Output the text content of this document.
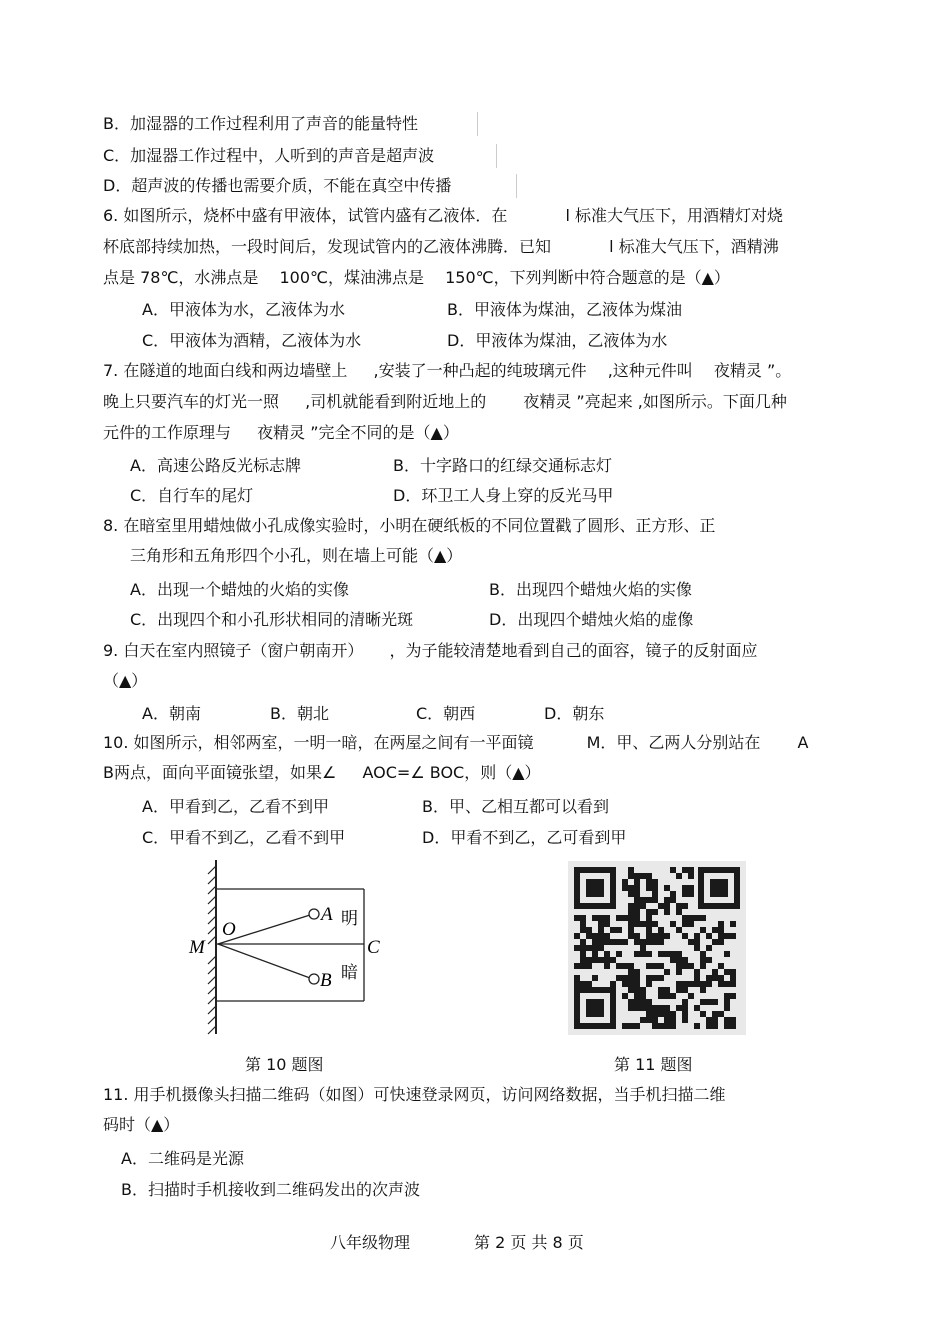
B．加湿器的工作过程利用了声音的能量特性
C．加湿器工作过程中，人听到的声音是超声波
D．超声波的传播也需要介质，不能在真空中传播
6. 如图所示，烧杯中盛有甲液体，试管内盛有乙液体．在 　　　 l 标准大气压下，用酒精灯对烧
杯底部持续加热，一段时间后，发现试管内的乙液体沸腾．已知 　　　 l 标准大气压下，酒精沸
点是 78℃，水沸点是 　100℃，煤油沸点是 　150℃，下列判断中符合题意的是（▲）
A．甲液体为水，乙液体为水	B．甲液体为煤油，乙液体为煤油
C．甲液体为酒精，乙液体为水	D．甲液体为煤油，乙液体为水
7. 在隧道的地面白线和两边墙壁上 　 ,安装了一种凸起的纯玻璃元件 　,这种元件叫 　夜精灵 ”。
晚上只要汽车的灯光一照 　 ,司机就能看到附近地上的 　　夜精灵 ”亮起来 ,如图所示。下面几种
元件的工作原理与 　 夜精灵 ”完全不同的是（▲）
A．高速公路反光标志牌	B．十字路口的红绿交通标志灯
C．自行车的尾灯	D．环卫工人身上穿的反光马甲
8. 在暗室里用蜡烛做小孔成像实验时，小明在硬纸板的不同位置戳了圆形、正方形、正
三角形和五角形四个小孔，则在墙上可能（▲）
A．出现一个蜡烛的火焰的实像	B．出现四个蜡烛火焰的实像
C．出现四个和小孔形状相同的清晰光斑	D．出现四个蜡烛火焰的虚像
9. 白天在室内照镜子（窗户朝南开） 　 ，为子能较清楚地看到自己的面容，镜子的反射面应
（▲）
A．朝南	B．朝北	C．朝西	D．朝东
10. 如图所示，相邻两室，一明一暗，在两屋之间有一平面镜 　　　M．甲、乙两人分别站在 　　A
B两点，面向平面镜张望，如果∠ 　 AOC=∠ BOC，则（▲）
A．甲看到乙，乙看不到甲	B．甲、乙相互都可以看到
C．甲看不到乙，乙看不到甲	D．甲看不到乙，乙可看到甲
M
O
A
B
C
明
暗
第 10 题图	第 11 题图
11. 用手机摄像头扫描二维码（如图）可快速登录网页，访问网络数据，当手机扫描二维
码时（▲）
A．二维码是光源
B．扫描时手机接收到二维码发出的次声波
八年级物理	第 2 页 共 8 页
